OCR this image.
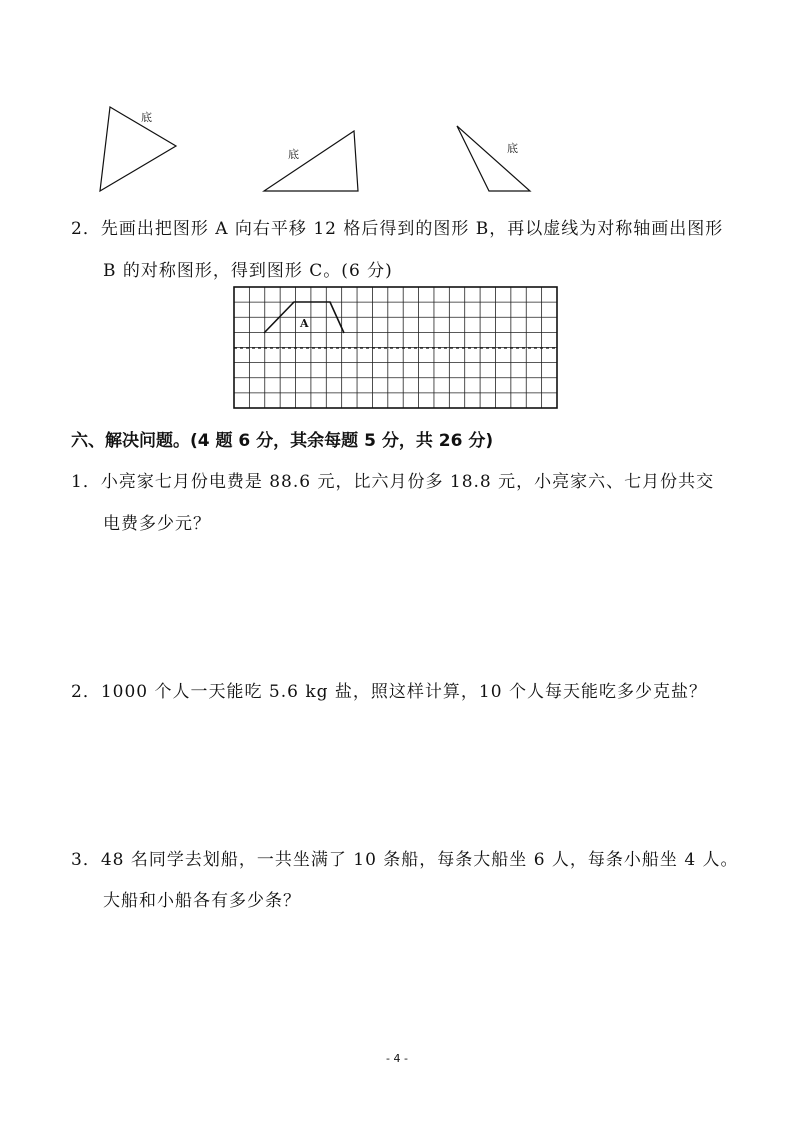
底
底	底
2．先画出把图形 A 向右平移 12 格后得到的图形 B，再以虚线为对称轴画出图形
B 的对称图形，得到图形 C。(6 分)
A
六、解决问题。(4 题 6 分，其余每题 5 分，共 26 分)
1．小亮家七月份电费是 88.6 元，比六月份多 18.8 元，小亮家六、七月份共交
电费多少元？
2．1000 个人一天能吃 5.6 kg 盐，照这样计算，10 个人每天能吃多少克盐？
3．48 名同学去划船，一共坐满了 10 条船，每条大船坐 6 人，每条小船坐 4 人。
大船和小船各有多少条？
- 4 -
